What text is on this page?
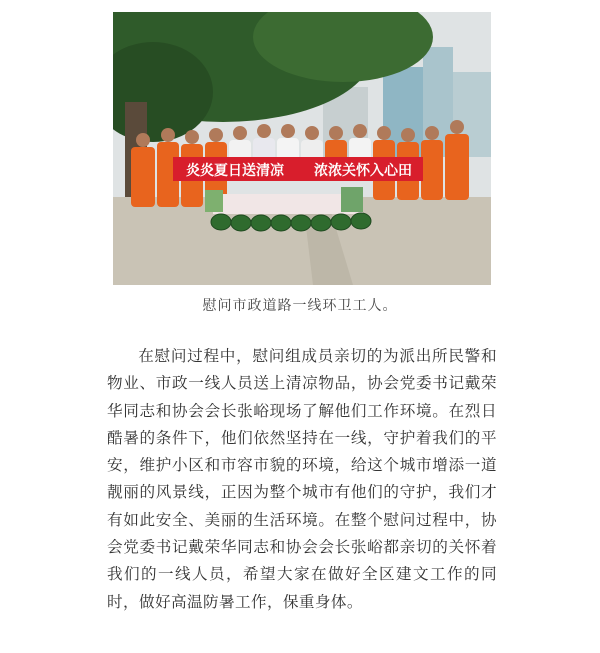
炎炎夏日送清凉 浓浓关怀入心田
慰问市政道路一线环卫工人。

在慰问过程中，慰问组成员亲切的为派出所民警和物业、市政一线人员送上清凉物品，协会党委书记戴荣华同志和协会会长张峪现场了解他们工作环境。在烈日酷暑的条件下，他们依然坚持在一线，守护着我们的平安，维护小区和市容市貌的环境，给这个城市增添一道靓丽的风景线，正因为整个城市有他们的守护，我们才有如此安全、美丽的生活环境。在整个慰问过程中，协会党委书记戴荣华同志和协会会长张峪都亲切的关怀着我们的一线人员，希望大家在做好全区建文工作的同时，做好高温防暑工作，保重身体。
